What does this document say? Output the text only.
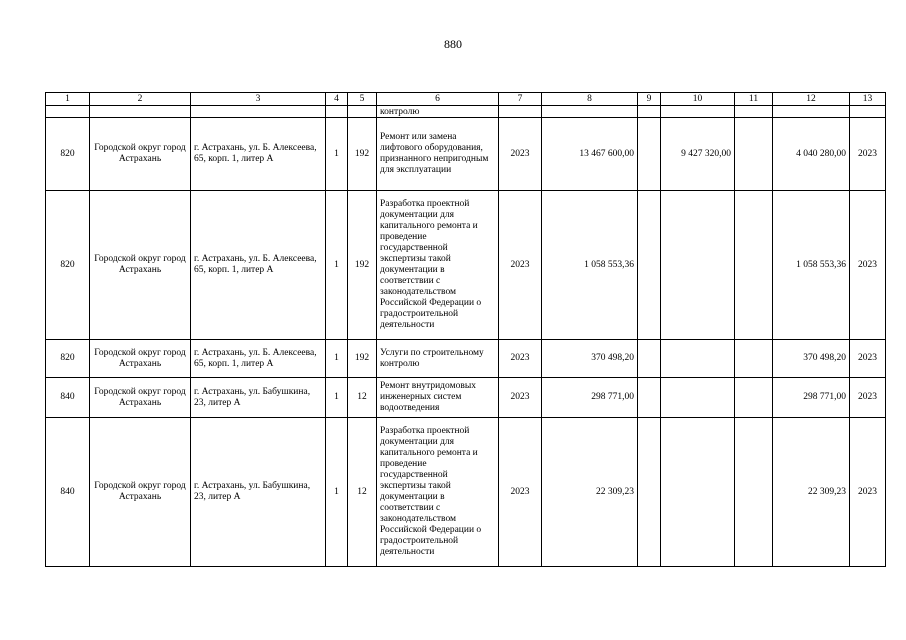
880
1	2	3	4	5	6	7	8	9	10	11	12	13
					контролю							
820	Городской округ город Астрахань	г. Астрахань, ул. Б. Алексеева, 65, корп. 1, литер А	1	192	Ремонт или замена лифтового оборудования, признанного непригодным для эксплуатации	2023	13 467 600,00		9 427 320,00		4 040 280,00	2023
820	Городской округ город Астрахань	г. Астрахань, ул. Б. Алексеева, 65, корп. 1, литер А	1	192	Разработка проектной документации для капитального ремонта и проведение государственной экспертизы такой документации в соответствии с законодательством Российской Федерации о градостроительной деятельности	2023	1 058 553,36				1 058 553,36	2023
820	Городской округ город Астрахань	г. Астрахань, ул. Б. Алексеева, 65, корп. 1, литер А	1	192	Услуги по строительному контролю	2023	370 498,20				370 498,20	2023
840	Городской округ город Астрахань	г. Астрахань, ул. Бабушкина, 23, литер А	1	12	Ремонт внутридомовых инженерных систем водоотведения	2023	298 771,00				298 771,00	2023
840	Городской округ город Астрахань	г. Астрахань, ул. Бабушкина, 23, литер А	1	12	Разработка проектной документации для капитального ремонта и проведение государственной экспертизы такой документации в соответствии с законодательством Российской Федерации о градостроительной деятельности	2023	22 309,23				22 309,23	2023
